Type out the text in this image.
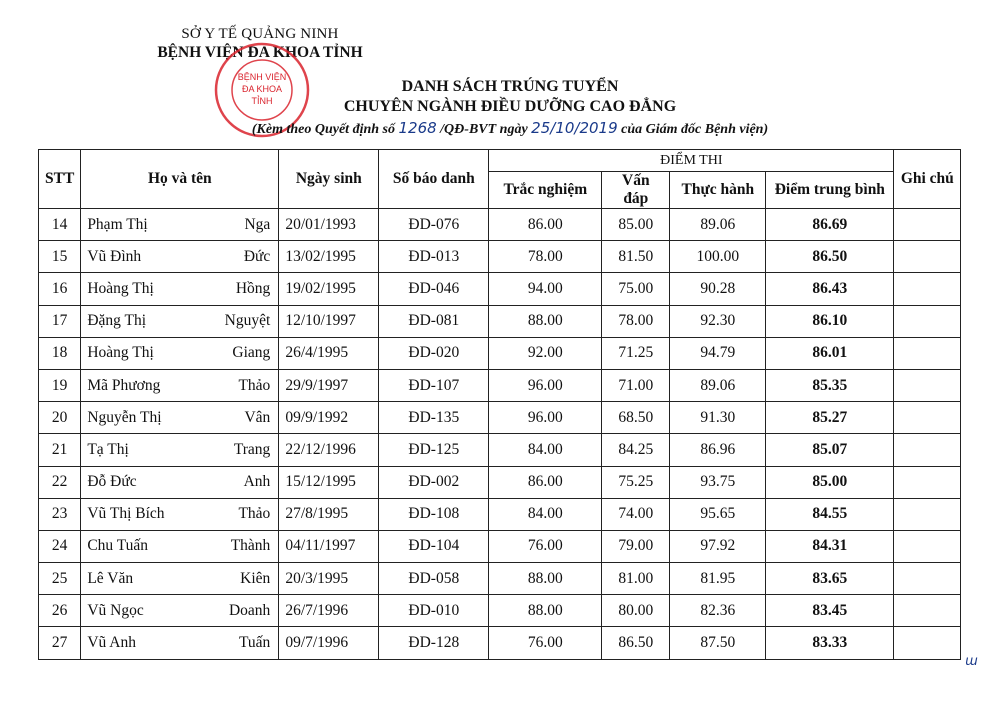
SỞ Y TẾ QUẢNG NINH
BỆNH VIỆN ĐA KHOA TỈNH
BỆNH VIỆN
ĐA KHOA
TỈNH
DANH SÁCH TRÚNG TUYỂN
CHUYÊN NGÀNH ĐIỀU DƯỠNG CAO ĐẲNG
(Kèm theo Quyết định số 1268 /QĐ-BVT ngày 25/10/2019 của Giám đốc Bệnh viện)
STT	Họ và tên	Ngày sinh	Số báo danh	ĐIỂM THI				Ghi chú
				Trắc nghiệm	Vấn đáp	Thực hành	Điểm trung bình	
14	Phạm Thị Nga	20/01/1993	ĐD-076	86.00	85.00	89.06	86.69	
15	Vũ Đình Đức	13/02/1995	ĐD-013	78.00	81.50	100.00	86.50	
16	Hoàng Thị Hồng	19/02/1995	ĐD-046	94.00	75.00	90.28	86.43	
17	Đặng Thị Nguyệt	12/10/1997	ĐD-081	88.00	78.00	92.30	86.10	
18	Hoàng Thị Giang	26/4/1995	ĐD-020	92.00	71.25	94.79	86.01	
19	Mã Phương Thảo	29/9/1997	ĐD-107	96.00	71.00	89.06	85.35	
20	Nguyễn Thị Vân	09/9/1992	ĐD-135	96.00	68.50	91.30	85.27	
21	Tạ Thị Trang	22/12/1996	ĐD-125	84.00	84.25	86.96	85.07	
22	Đỗ Đức Anh	15/12/1995	ĐD-002	86.00	75.25	93.75	85.00	
23	Vũ Thị Bích Thảo	27/8/1995	ĐD-108	84.00	74.00	95.65	84.55	
24	Chu Tuấn Thành	04/11/1997	ĐD-104	76.00	79.00	97.92	84.31	
25	Lê Văn Kiên	20/3/1995	ĐD-058	88.00	81.00	81.95	83.65	
26	Vũ Ngọc Doanh	26/7/1996	ĐD-010	88.00	80.00	82.36	83.45	
27	Vũ Anh Tuấn	09/7/1996	ĐD-128	76.00	86.50	87.50	83.33	
ɯ
